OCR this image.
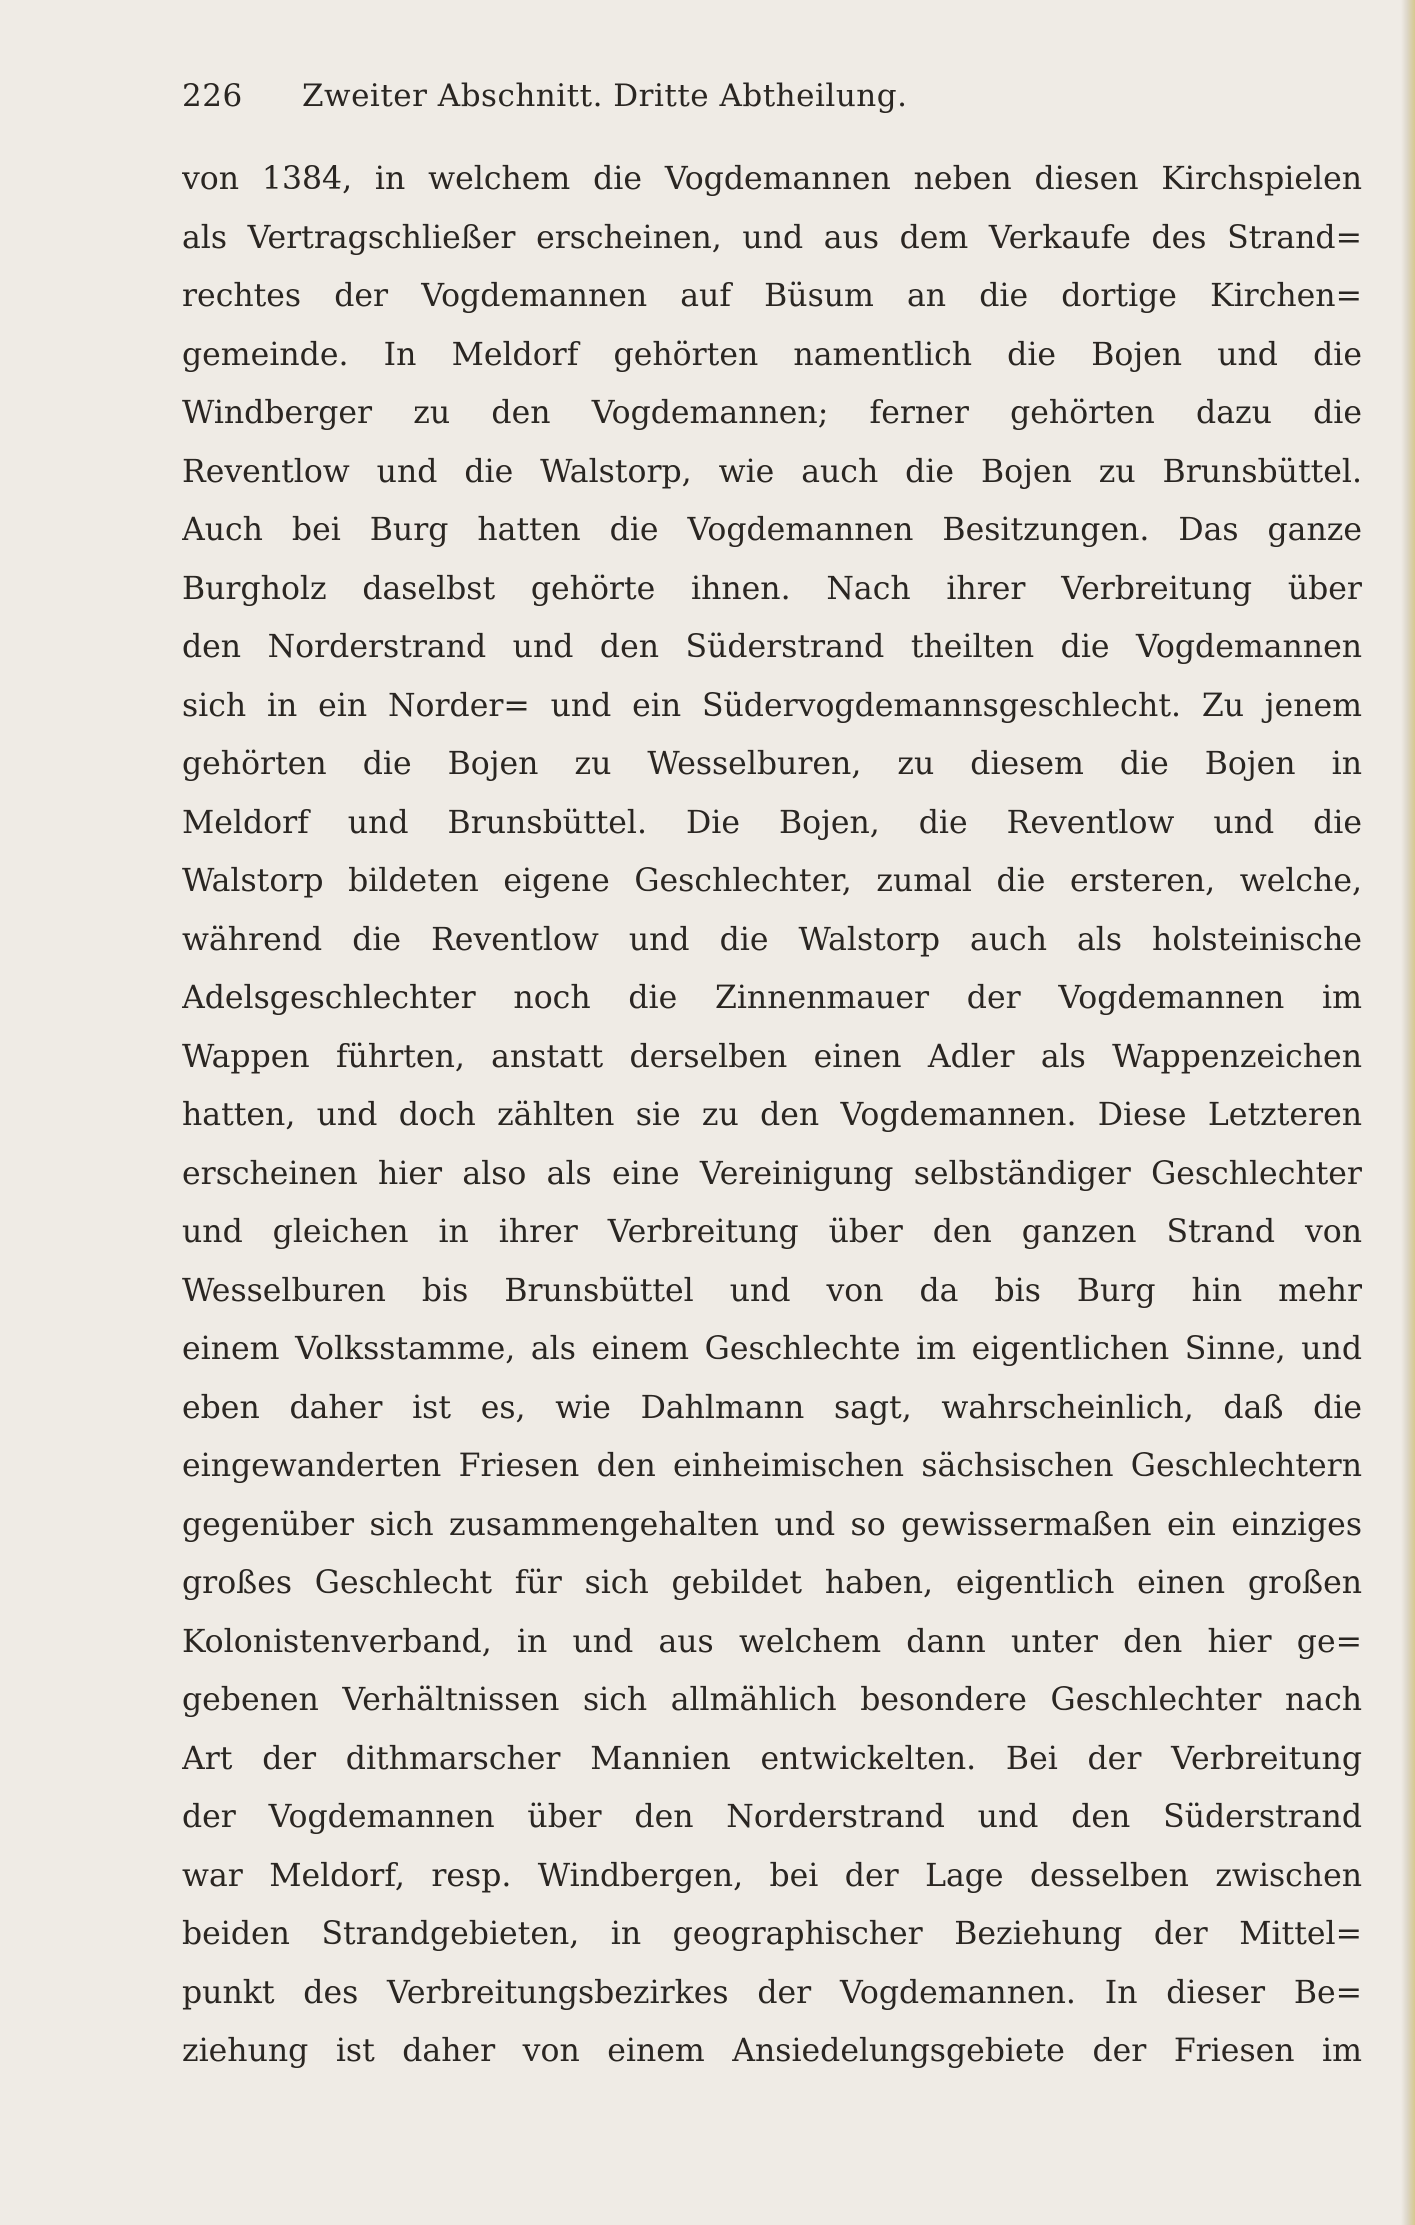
226 Zweiter Abschnitt. Dritte Abtheilung.
von 1384, in welchem die Vogdemannen neben diesen Kirchspielen
als Vertragschließer erscheinen, und aus dem Verkaufe des Strand=
rechtes der Vogdemannen auf Büsum an die dortige Kirchen=
gemeinde. In Meldorf gehörten namentlich die Bojen und die
Windberger zu den Vogdemannen; ferner gehörten dazu die
Reventlow und die Walstorp, wie auch die Bojen zu Brunsbüttel.
Auch bei Burg hatten die Vogdemannen Besitzungen. Das ganze
Burgholz daselbst gehörte ihnen. Nach ihrer Verbreitung über
den Norderstrand und den Süderstrand theilten die Vogdemannen
sich in ein Norder= und ein Südervogdemannsgeschlecht. Zu jenem
gehörten die Bojen zu Wesselburen, zu diesem die Bojen in
Meldorf und Brunsbüttel. Die Bojen, die Reventlow und die
Walstorp bildeten eigene Geschlechter, zumal die ersteren, welche,
während die Reventlow und die Walstorp auch als holsteinische
Adelsgeschlechter noch die Zinnenmauer der Vogdemannen im
Wappen führten, anstatt derselben einen Adler als Wappenzeichen
hatten, und doch zählten sie zu den Vogdemannen. Diese Letzteren
erscheinen hier also als eine Vereinigung selbständiger Geschlechter
und gleichen in ihrer Verbreitung über den ganzen Strand von
Wesselburen bis Brunsbüttel und von da bis Burg hin mehr
einem Volksstamme, als einem Geschlechte im eigentlichen Sinne, und
eben daher ist es, wie Dahlmann sagt, wahrscheinlich, daß die
eingewanderten Friesen den einheimischen sächsischen Geschlechtern
gegenüber sich zusammengehalten und so gewissermaßen ein einziges
großes Geschlecht für sich gebildet haben, eigentlich einen großen
Kolonistenverband, in und aus welchem dann unter den hier ge=
gebenen Verhältnissen sich allmählich besondere Geschlechter nach
Art der dithmarscher Mannien entwickelten. Bei der Verbreitung
der Vogdemannen über den Norderstrand und den Süderstrand
war Meldorf, resp. Windbergen, bei der Lage desselben zwischen
beiden Strandgebieten, in geographischer Beziehung der Mittel=
punkt des Verbreitungsbezirkes der Vogdemannen. In dieser Be=
ziehung ist daher von einem Ansiedelungsgebiete der Friesen im
